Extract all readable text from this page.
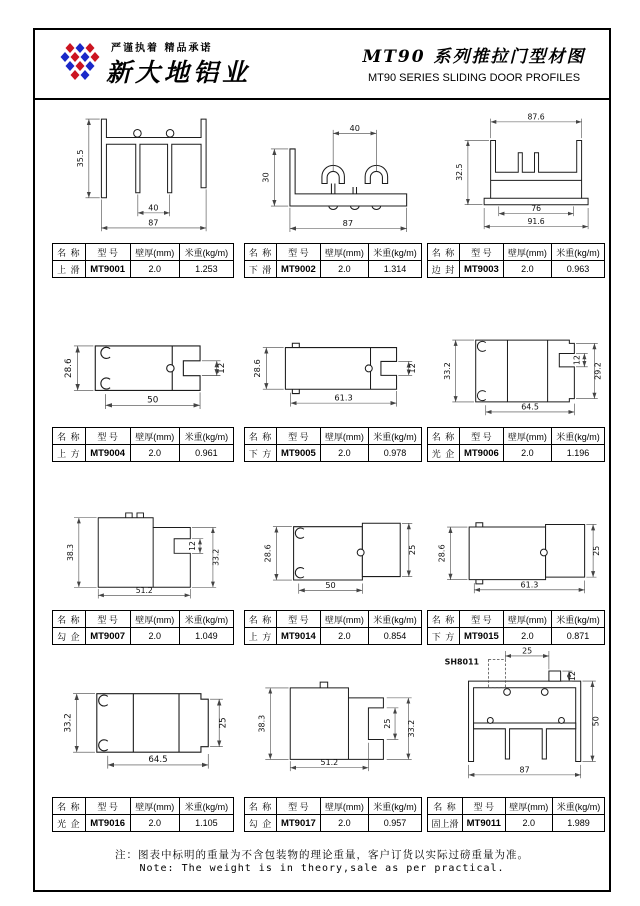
严谨执着 精品承诺
新大地铝业
MT90 系列推拉门型材图
MT90 SERIES SLIDING DOOR PROFILES
35.5
40
87
名 称	型 号	壁厚(mm)	米重(kg/m)
上 滑	MT9001	2.0	1.253
40
30
87
名 称	型 号	壁厚(mm)	米重(kg/m)
下 滑	MT9002	2.0	1.314
87.6
32.5
76
91.6
名 称	型 号	壁厚(mm)	米重(kg/m)
边 封	MT9003	2.0	0.963
28.6
50
12
名 称	型 号	壁厚(mm)	米重(kg/m)
上 方	MT9004	2.0	0.961
28.6
61.3
12
名 称	型 号	壁厚(mm)	米重(kg/m)
下 方	MT9005	2.0	0.978
33.2
64.5
12
29.2
名 称	型 号	壁厚(mm)	米重(kg/m)
光 企	MT9006	2.0	1.196
38.3
51.2
12
33.2
名 称	型 号	壁厚(mm)	米重(kg/m)
勾 企	MT9007	2.0	1.049
28.6
50
25
名 称	型 号	壁厚(mm)	米重(kg/m)
上 方	MT9014	2.0	0.854
28.6
61.3
25
名 称	型 号	壁厚(mm)	米重(kg/m)
下 方	MT9015	2.0	0.871
33.2
64.5
25
名 称	型 号	壁厚(mm)	米重(kg/m)
光 企	MT9016	2.0	1.105
38.3
51.2
25 33.2
名 称	型 号	壁厚(mm)	米重(kg/m)
勾 企	MT9017	2.0	0.957
SH8011
25
12
50
87
名 称	型 号	壁厚(mm)	米重(kg/m)
固上滑	MT9011	2.0	1.989
注：图表中标明的重量为不含包装物的理论重量，客户订货以实际过磅重量为准。
Note: The weight is in theory,sale as per practical.
